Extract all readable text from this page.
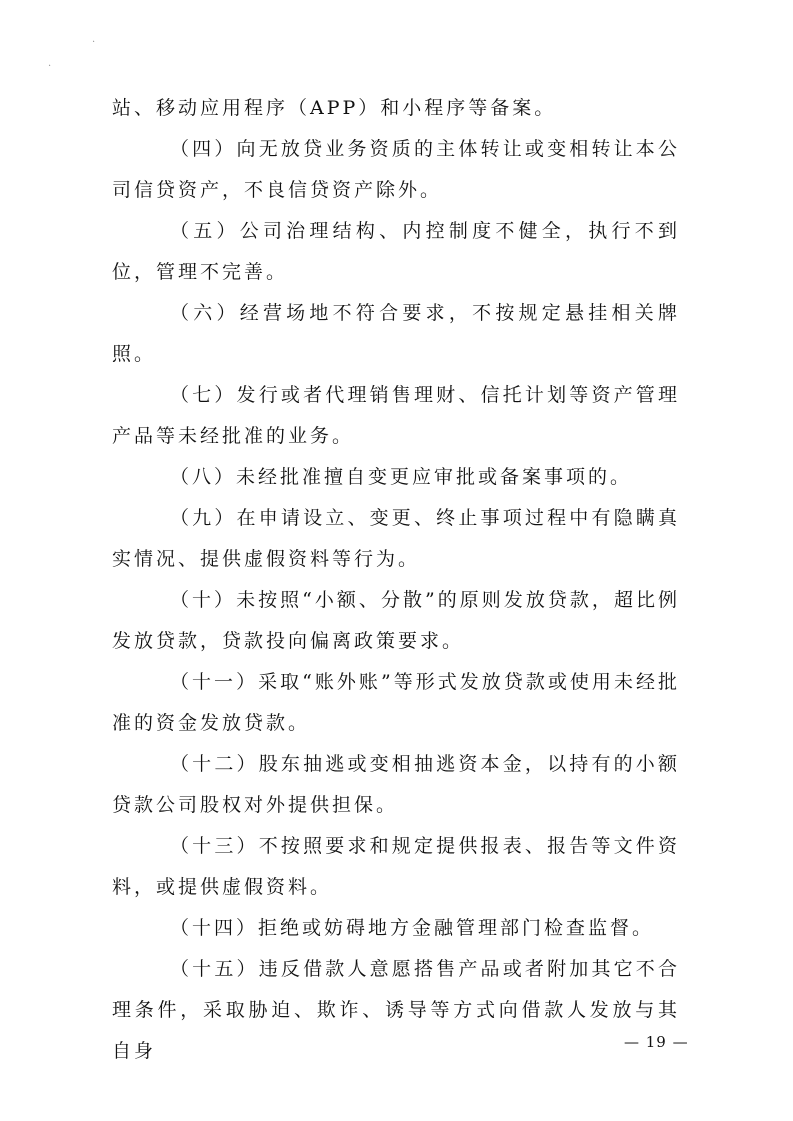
·
·

站、移动应用程序（APP）和小程序等备案。

（四）向无放贷业务资质的主体转让或变相转让本公司信贷资产，不良信贷资产除外。

（五）公司治理结构、内控制度不健全，执行不到位，管理不完善。

（六）经营场地不符合要求，不按规定悬挂相关牌照。

（七）发行或者代理销售理财、信托计划等资产管理产品等未经批准的业务。

（八）未经批准擅自变更应审批或备案事项的。

（九）在申请设立、变更、终止事项过程中有隐瞒真实情况、提供虚假资料等行为。

（十）未按照“小额、分散”的原则发放贷款，超比例发放贷款，贷款投向偏离政策要求。

（十一）采取“账外账”等形式发放贷款或使用未经批准的资金发放贷款。

（十二）股东抽逃或变相抽逃资本金，以持有的小额贷款公司股权对外提供担保。

（十三）不按照要求和规定提供报表、报告等文件资料，或提供虚假资料。

（十四）拒绝或妨碍地方金融管理部门检查监督。

（十五）违反借款人意愿搭售产品或者附加其它不合理条件，采取胁迫、欺诈、诱导等方式向借款人发放与其自身	— 19 —
